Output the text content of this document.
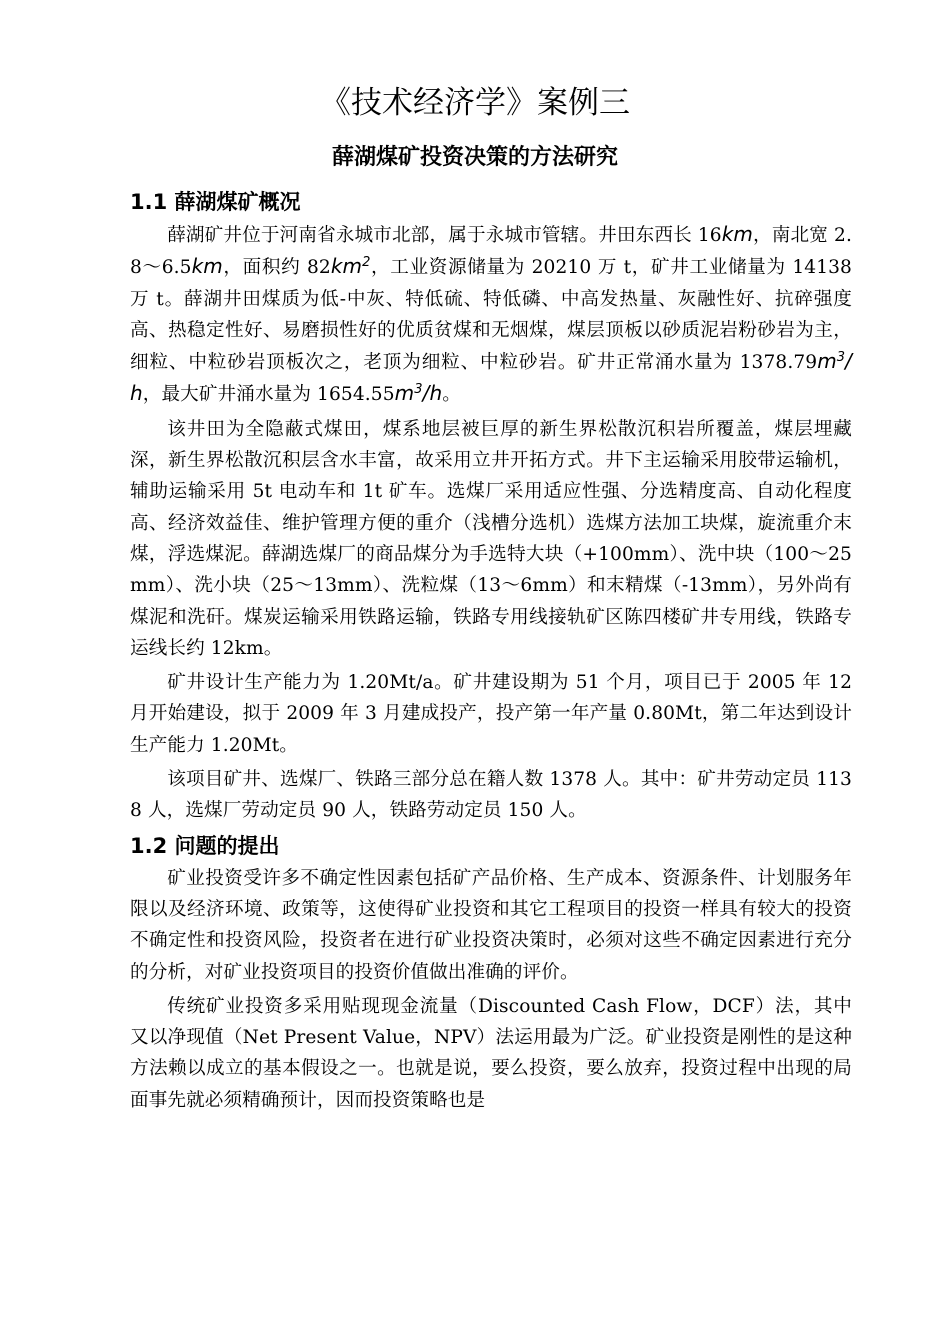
《技术经济学》案例三
薛湖煤矿投资决策的方法研究
1.1 薛湖煤矿概况

薛湖矿井位于河南省永城市北部，属于永城市管辖。井田东西长 16km，南北宽 2.8～6.5km，面积约 $82km^2$，工业资源储量为 20210 万 t，矿井工业储量为 14138 万 t。薛湖井田煤质为低-中灰、特低硫、特低磷、中高发热量、灰融性好、抗碎强度高、热稳定性好、易磨损性好的优质贫煤和无烟煤，煤层顶板以砂质泥岩粉砂岩为主，细粒、中粒砂岩顶板次之，老顶为细粒、中粒砂岩。矿井正常涌水量为 $1378.79m^3/h$，最大矿井涌水量为 $1654.55m^3/h$。

该井田为全隐蔽式煤田，煤系地层被巨厚的新生界松散沉积岩所覆盖，煤层埋藏深，新生界松散沉积层含水丰富，故采用立井开拓方式。井下主运输采用胶带运输机，辅助运输采用 5t 电动车和 1t 矿车。选煤厂采用适应性强、分选精度高、自动化程度高、经济效益佳、维护管理方便的重介（浅槽分选机）选煤方法加工块煤，旋流重介末煤，浮选煤泥。薛湖选煤厂的商品煤分为手选特大块（+100mm）、洗中块（100～25mm）、洗小块（25～13mm）、洗粒煤（13～6mm）和末精煤（-13mm），另外尚有煤泥和洗矸。煤炭运输采用铁路运输，铁路专用线接轨矿区陈四楼矿井专用线，铁路专运线长约 12km。

矿井设计生产能力为 1.20Mt/a。矿井建设期为 51 个月，项目已于 2005 年 12 月开始建设，拟于 2009 年 3 月建成投产，投产第一年产量 0.80Mt，第二年达到设计生产能力 1.20Mt。

该项目矿井、选煤厂、铁路三部分总在籍人数 1378 人。其中：矿井劳动定员 1138 人，选煤厂劳动定员 90 人，铁路劳动定员 150 人。

1.2 问题的提出

矿业投资受许多不确定性因素包括矿产品价格、生产成本、资源条件、计划服务年限以及经济环境、政策等，这使得矿业投资和其它工程项目的投资一样具有较大的投资不确定性和投资风险，投资者在进行矿业投资决策时，必须对这些不确定因素进行充分的分析，对矿业投资项目的投资价值做出准确的评价。

传统矿业投资多采用贴现现金流量（Discounted Cash Flow，DCF）法，其中又以净现值（Net Present Value，NPV）法运用最为广泛。矿业投资是刚性的是这种方法赖以成立的基本假设之一。也就是说，要么投资，要么放弃，投资过程中出现的局面事先就必须精确预计，因而投资策略也是
